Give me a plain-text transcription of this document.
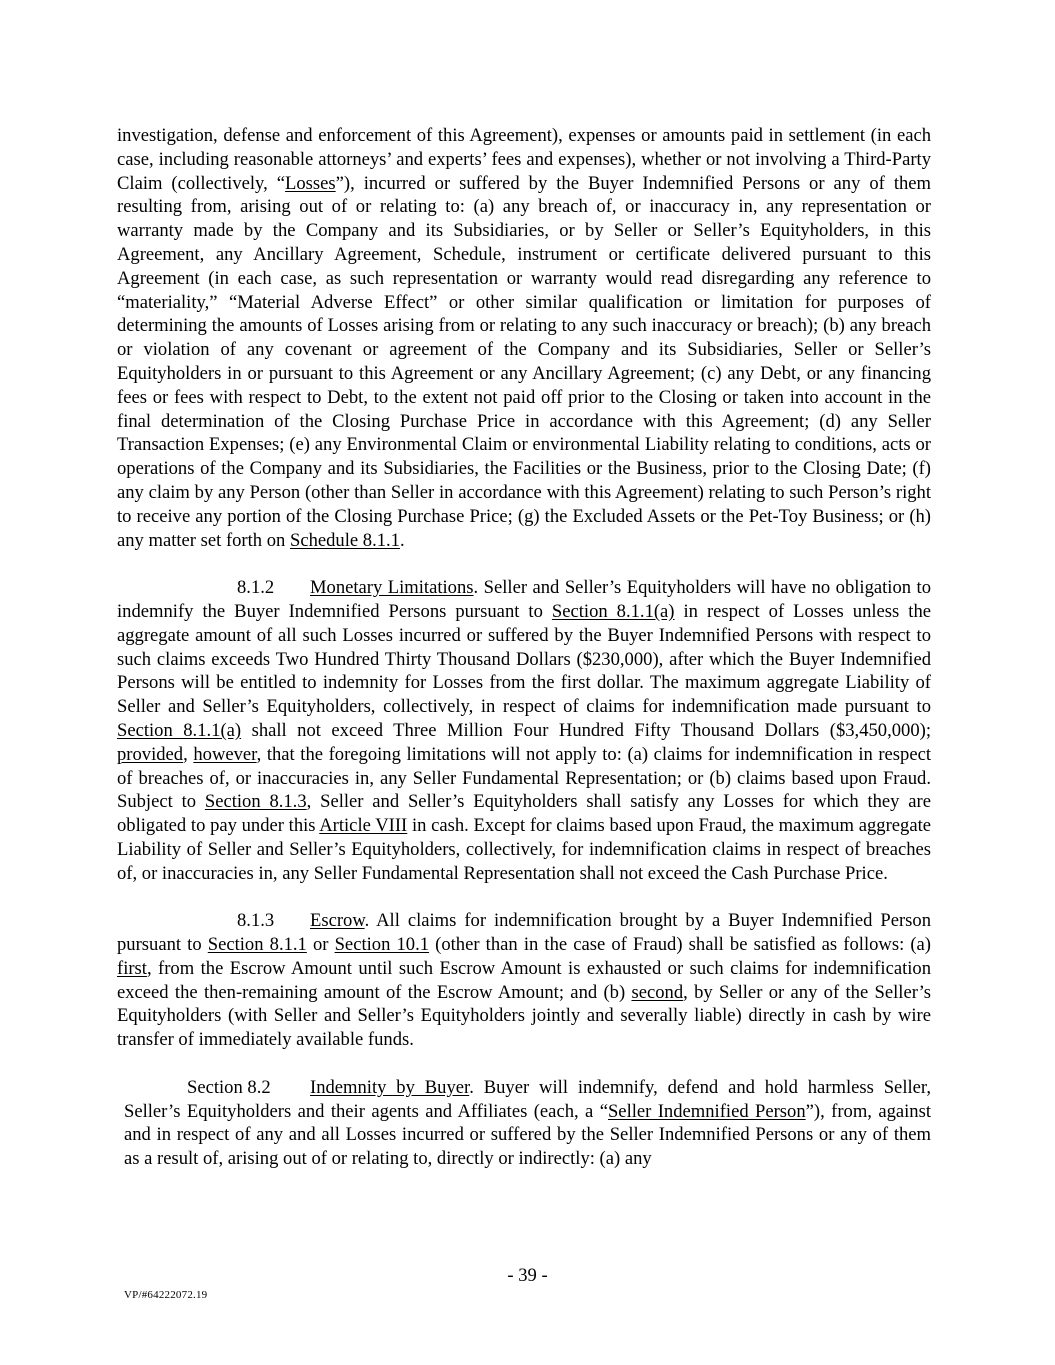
investigation, defense and enforcement of this Agreement), expenses or amounts paid in settlement (in each case, including reasonable attorneys’ and experts’ fees and expenses), whether or not involving a Third-Party Claim (collectively, “Losses”), incurred or suffered by the Buyer Indemnified Persons or any of them resulting from, arising out of or relating to: (a) any breach of, or inaccuracy in, any representation or warranty made by the Company and its Subsidiaries, or by Seller or Seller’s Equityholders, in this Agreement, any Ancillary Agreement, Schedule, instrument or certificate delivered pursuant to this Agreement (in each case, as such representation or warranty would read disregarding any reference to “materiality,” “Material Adverse Effect” or other similar qualification or limitation for purposes of determining the amounts of Losses arising from or relating to any such inaccuracy or breach); (b) any breach or violation of any covenant or agreement of the Company and its Subsidiaries, Seller or Seller’s Equityholders in or pursuant to this Agreement or any Ancillary Agreement; (c) any Debt, or any financing fees or fees with respect to Debt, to the extent not paid off prior to the Closing or taken into account in the final determination of the Closing Purchase Price in accordance with this Agreement; (d) any Seller Transaction Expenses; (e) any Environmental Claim or environmental Liability relating to conditions, acts or operations of the Company and its Subsidiaries, the Facilities or the Business, prior to the Closing Date; (f) any claim by any Person (other than Seller in accordance with this Agreement) relating to such Person’s right to receive any portion of the Closing Purchase Price; (g) the Excluded Assets or the Pet-Toy Business; or (h) any matter set forth on Schedule 8.1.1.

8.1.2 Monetary Limitations. Seller and Seller’s Equityholders will have no obligation to indemnify the Buyer Indemnified Persons pursuant to Section 8.1.1(a) in respect of Losses unless the aggregate amount of all such Losses incurred or suffered by the Buyer Indemnified Persons with respect to such claims exceeds Two Hundred Thirty Thousand Dollars ($230,000), after which the Buyer Indemnified Persons will be entitled to indemnity for Losses from the first dollar. The maximum aggregate Liability of Seller and Seller’s Equityholders, collectively, in respect of claims for indemnification made pursuant to Section 8.1.1(a) shall not exceed Three Million Four Hundred Fifty Thousand Dollars ($3,450,000); provided, however, that the foregoing limitations will not apply to: (a) claims for indemnification in respect of breaches of, or inaccuracies in, any Seller Fundamental Representation; or (b) claims based upon Fraud. Subject to Section 8.1.3, Seller and Seller’s Equityholders shall satisfy any Losses for which they are obligated to pay under this Article VIII in cash. Except for claims based upon Fraud, the maximum aggregate Liability of Seller and Seller’s Equityholders, collectively, for indemnification claims in respect of breaches of, or inaccuracies in, any Seller Fundamental Representation shall not exceed the Cash Purchase Price.

8.1.3 Escrow. All claims for indemnification brought by a Buyer Indemnified Person pursuant to Section 8.1.1 or Section 10.1 (other than in the case of Fraud) shall be satisfied as follows: (a) first, from the Escrow Amount until such Escrow Amount is exhausted or such claims for indemnification exceed the then-remaining amount of the Escrow Amount; and (b) second, by Seller or any of the Seller’s Equityholders (with Seller and Seller’s Equityholders jointly and severally liable) directly in cash by wire transfer of immediately available funds.

Section 8.2 Indemnity by Buyer. Buyer will indemnify, defend and hold harmless Seller, Seller’s Equityholders and their agents and Affiliates (each, a “Seller Indemnified Person”), from, against and in respect of any and all Losses incurred or suffered by the Seller Indemnified Persons or any of them as a result of, arising out of or relating to, directly or indirectly: (a) any

- 39 -
VP/#64222072.19
